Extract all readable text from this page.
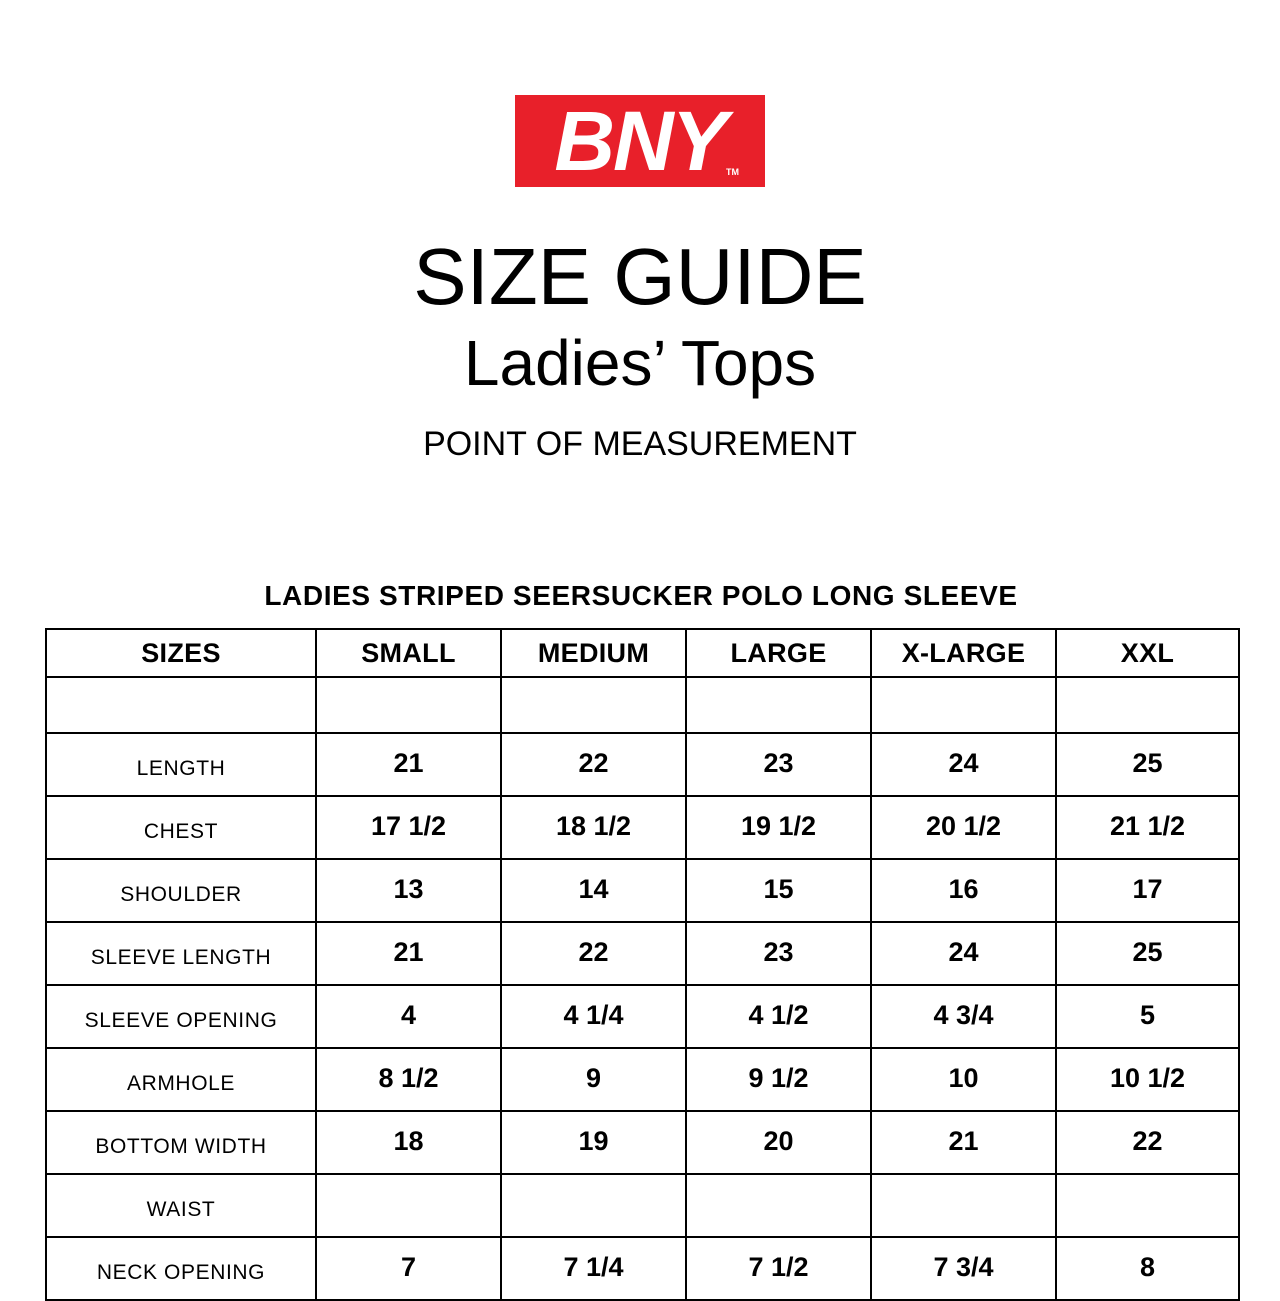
BNY TM
SIZE GUIDE
Ladies’ Tops
POINT OF MEASUREMENT
LADIES STRIPED SEERSUCKER POLO LONG SLEEVE
SIZES	SMALL	MEDIUM	LARGE	X-LARGE	XXL

LENGTH	21	22	23	24	25
CHEST	17 1/2	18 1/2	19 1/2	20 1/2	21 1/2
SHOULDER	13	14	15	16	17
SLEEVE LENGTH	21	22	23	24	25
SLEEVE OPENING	4	4 1/4	4 1/2	4 3/4	5
ARMHOLE	8 1/2	9	9 1/2	10	10 1/2
BOTTOM WIDTH	18	19	20	21	22
WAIST					
NECK OPENING	7	7 1/4	7 1/2	7 3/4	8
